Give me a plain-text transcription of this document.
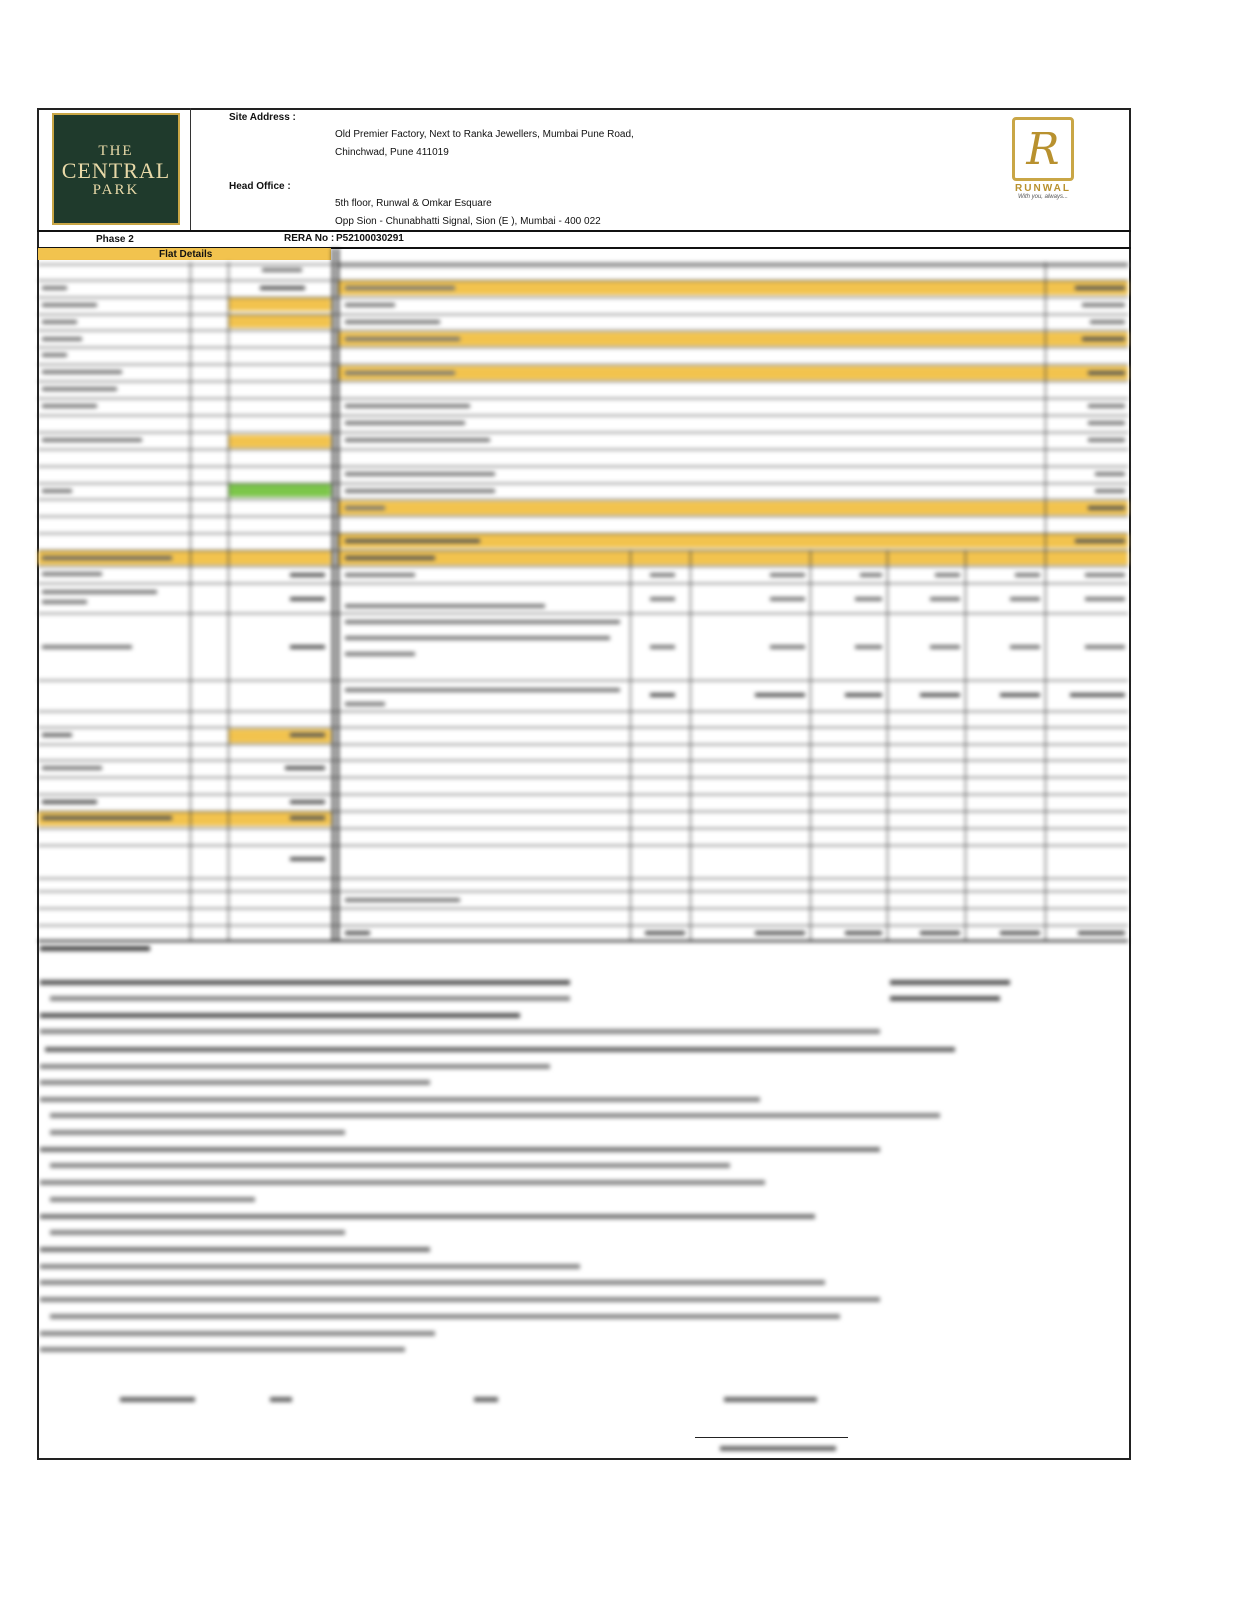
THE
CENTRAL
PARK
Site Address :
Old Premier Factory, Next to Ranka Jewellers, Mumbai Pune Road,
Chinchwad, Pune 411019
Head Office :
5th floor, Runwal & Omkar Esquare
Opp Sion - Chunabhatti Signal, Sion (E ), Mumbai - 400 022
R
RUNWAL
With you, always...
Phase 2	RERA No : P52100030291
Flat Details
